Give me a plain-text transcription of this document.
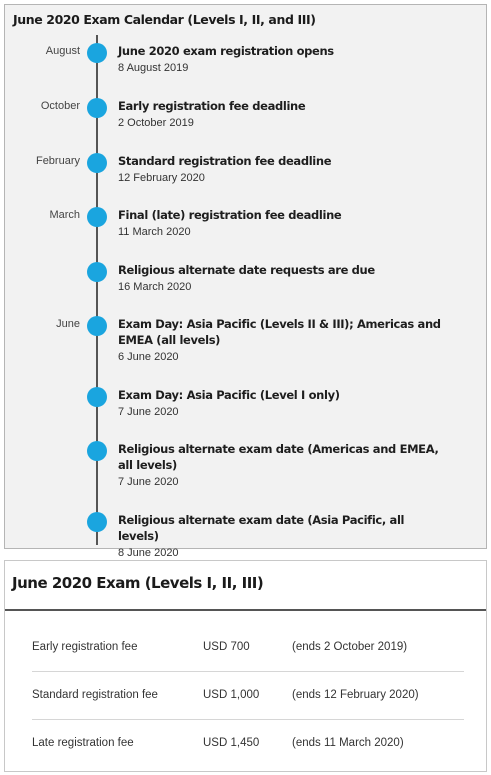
June 2020 Exam Calendar (Levels I, II, and III)
August	June 2020 exam registration opens
8 August 2019
October	Early registration fee deadline
2 October 2019
February	Standard registration fee deadline
12 February 2020
March	Final (late) registration fee deadline
11 March 2020
Religious alternate date requests are due
16 March 2020
June	Exam Day: Asia Pacific (Levels II & III); Americas and EMEA (all levels)
6 June 2020
Exam Day: Asia Pacific (Level I only)
7 June 2020
Religious alternate exam date (Americas and EMEA, all levels)
7 June 2020
Religious alternate exam date (Asia Pacific, all levels)
8 June 2020
June 2020 Exam (Levels I, II, III)
Early registration fee	USD 700	(ends 2 October 2019)
Standard registration fee	USD 1,000	(ends 12 February 2020)
Late registration fee	USD 1,450	(ends 11 March 2020)
